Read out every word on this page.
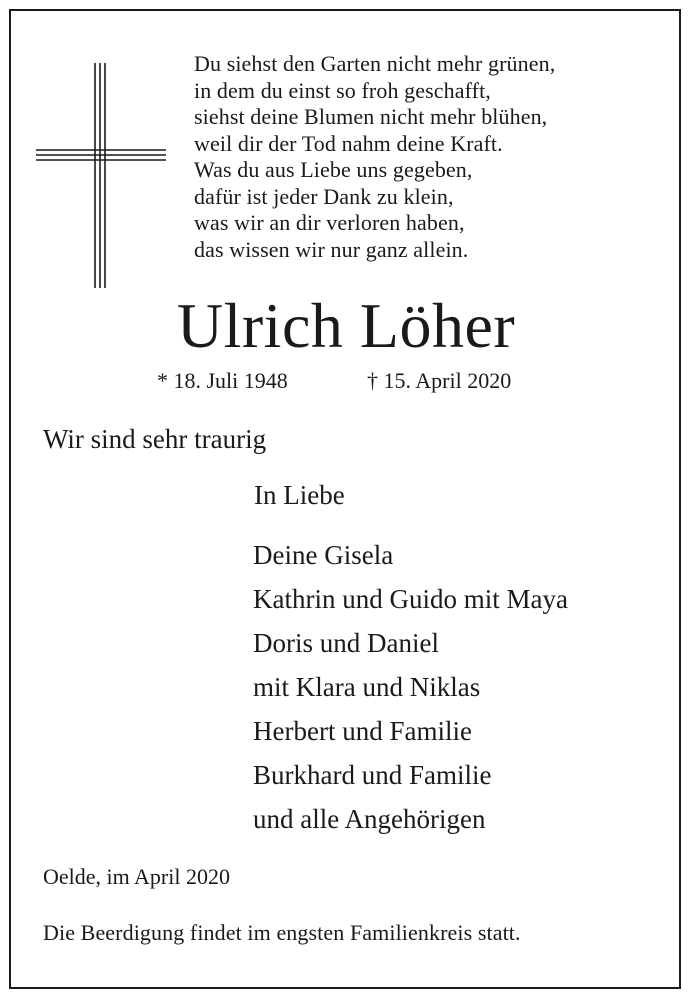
Du siehst den Garten nicht mehr grünen,
in dem du einst so froh geschafft,
siehst deine Blumen nicht mehr blühen,
weil dir der Tod nahm deine Kraft.
Was du aus Liebe uns gegeben,
dafür ist jeder Dank zu klein,
was wir an dir verloren haben,
das wissen wir nur ganz allein.
Ulrich Löher
* 18. Juli 1948	† 15. April 2020
Wir sind sehr traurig
In Liebe
Deine Gisela
Kathrin und Guido mit Maya
Doris und Daniel
mit Klara und Niklas
Herbert und Familie
Burkhard und Familie
und alle Angehörigen
Oelde, im April 2020
Die Beerdigung findet im engsten Familienkreis statt.
